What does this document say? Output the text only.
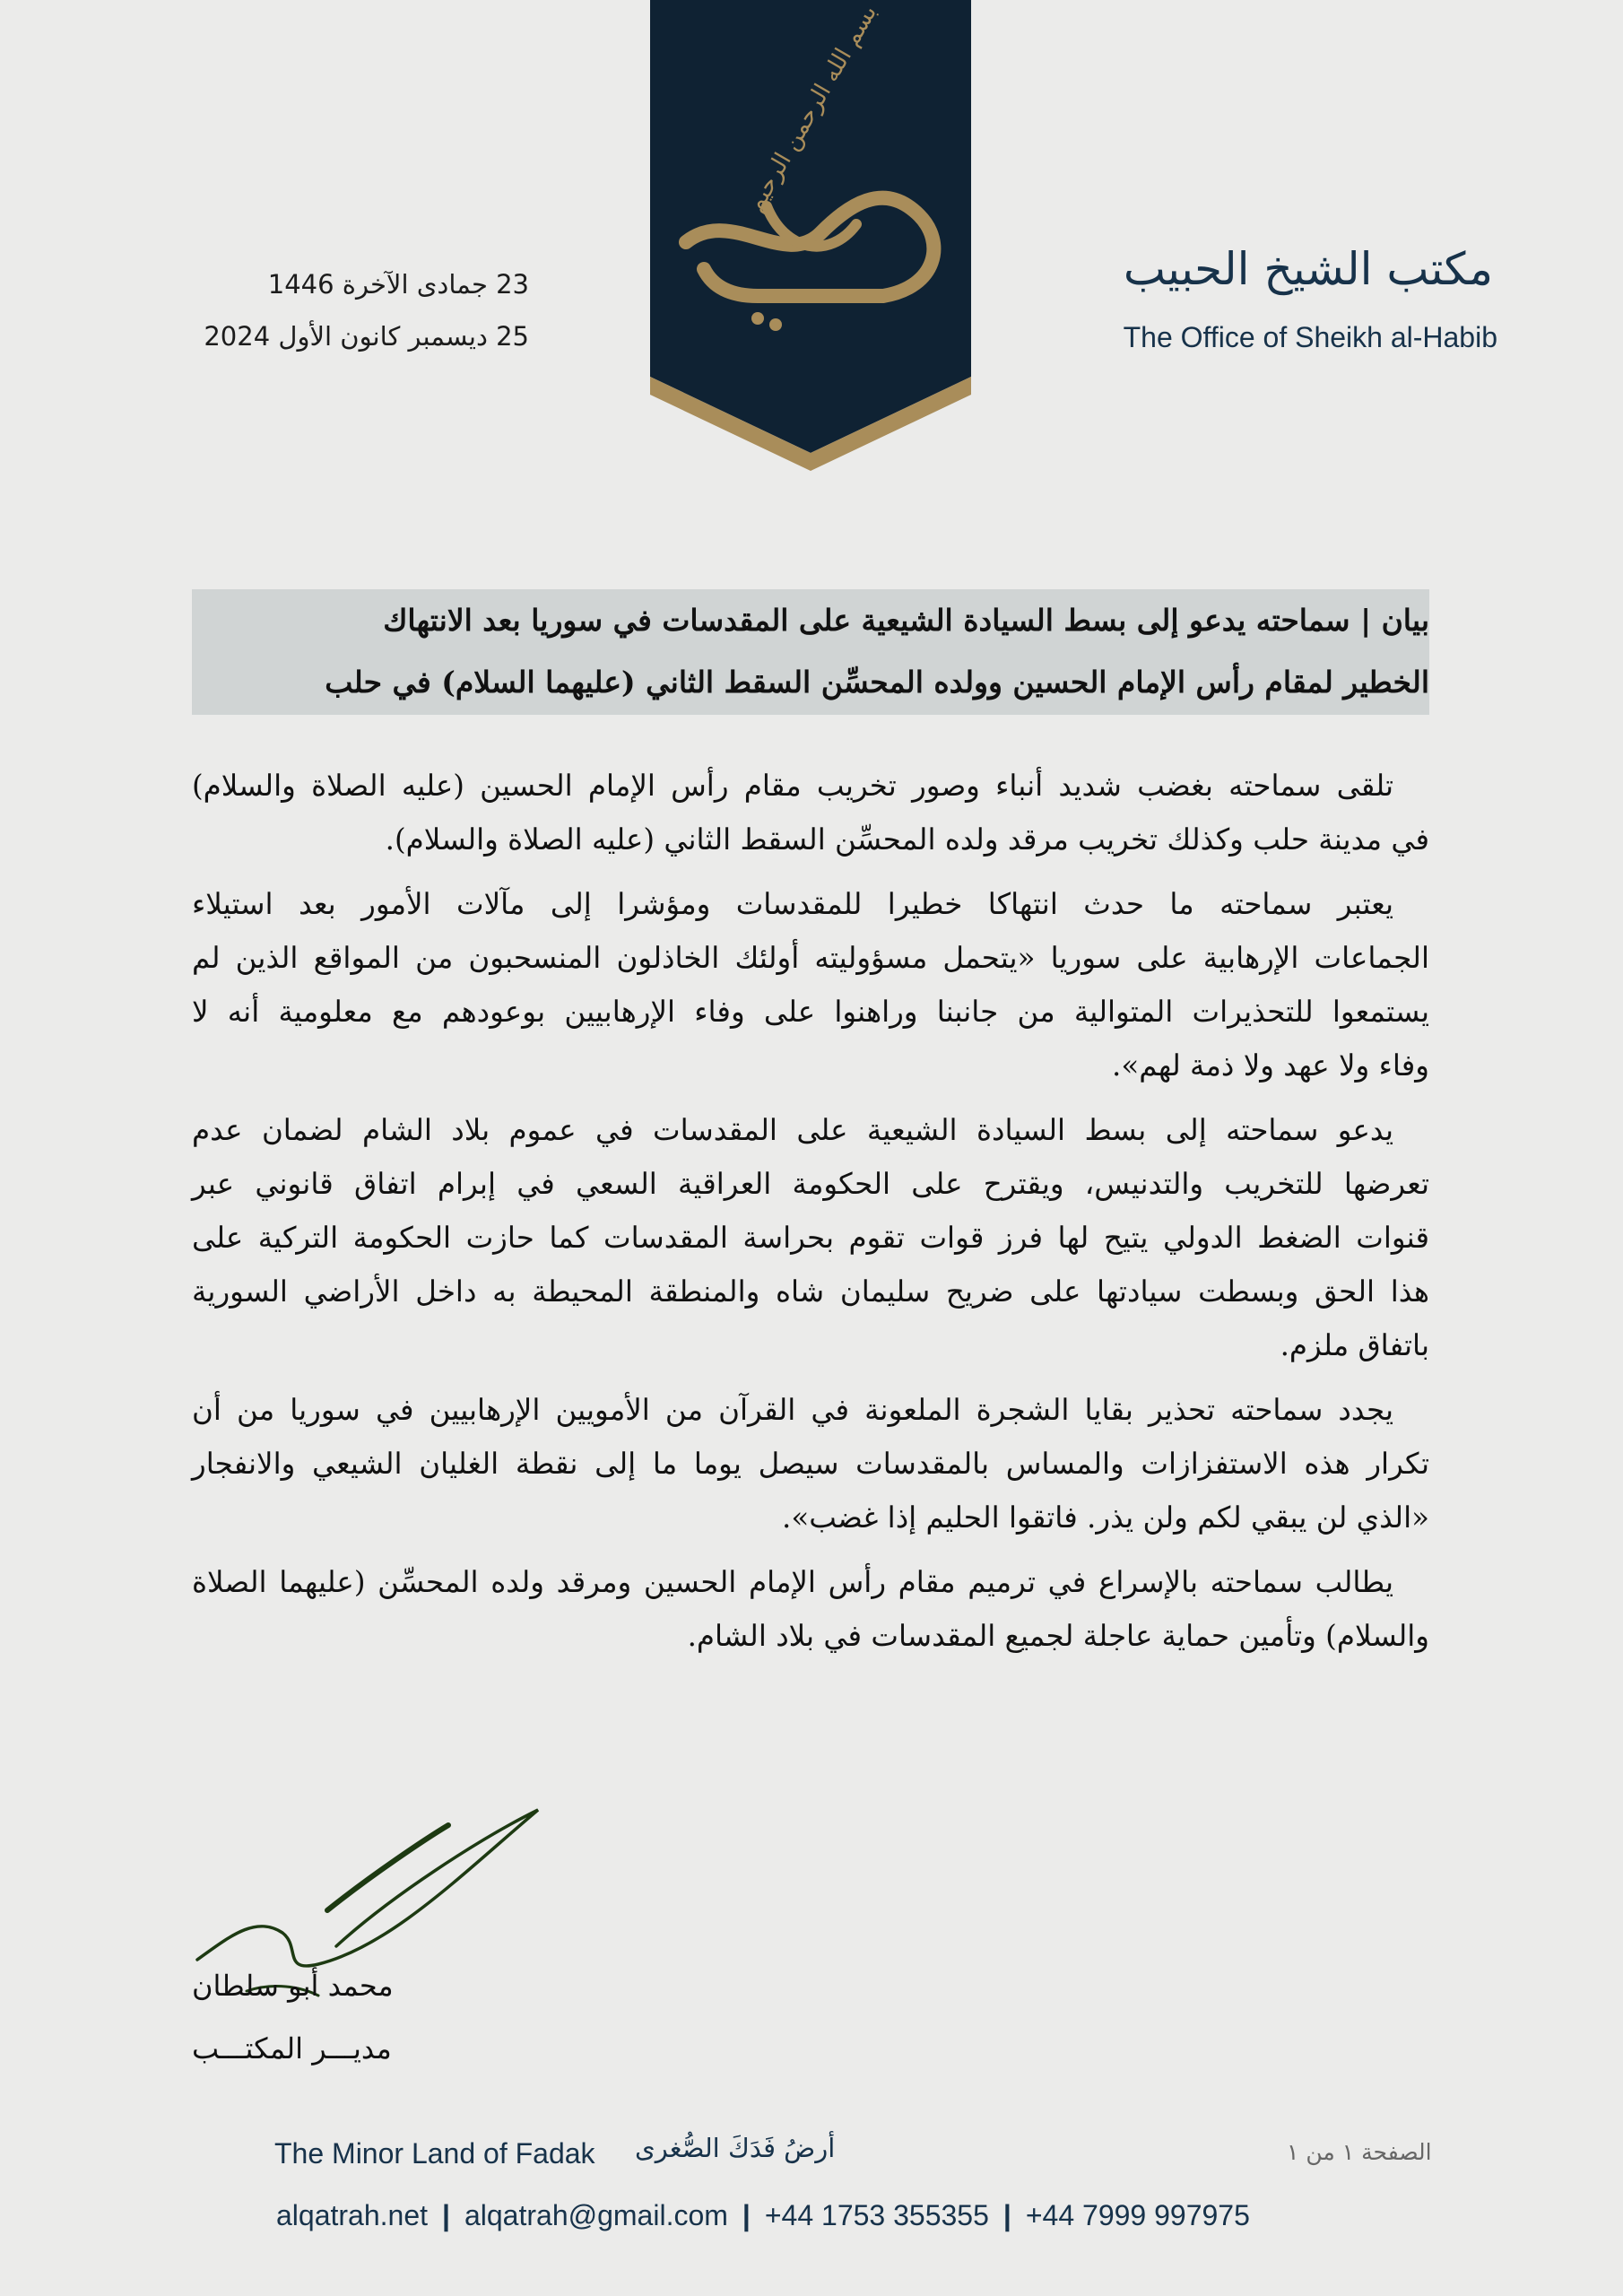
بسم الله الرحمن الرحيم
23 جمادى الآخرة 1446
25 ديسمبر كانون الأول 2024
مكتب الشيخ الحبيب
The Office of Sheikh al-Habib
بيان | سماحته يدعو إلى بسط السيادة الشيعية على المقدسات في سوريا بعد الانتهاك
الخطير لمقام رأس الإمام الحسين وولده المحسِّن السقط الثاني (عليهما السلام) في حلب

تلقى سماحته بغضب شديد أنباء وصور تخريب مقام رأس الإمام الحسين (عليه الصلاة والسلام)
في مدينة حلب وكذلك تخريب مرقد ولده المحسِّن السقط الثاني (عليه الصلاة والسلام).

يعتبر سماحته ما حدث انتهاكا خطيرا للمقدسات ومؤشرا إلى مآلات الأمور بعد استيلاء
الجماعات الإرهابية على سوريا «يتحمل مسؤوليته أولئك الخاذلون المنسحبون من المواقع الذين لم
يستمعوا للتحذيرات المتوالية من جانبنا وراهنوا على وفاء الإرهابيين بوعودهم مع معلومية أنه لا
وفاء ولا عهد ولا ذمة لهم».

يدعو سماحته إلى بسط السيادة الشيعية على المقدسات في عموم بلاد الشام لضمان عدم
تعرضها للتخريب والتدنيس، ويقترح على الحكومة العراقية السعي في إبرام اتفاق قانوني عبر
قنوات الضغط الدولي يتيح لها فرز قوات تقوم بحراسة المقدسات كما حازت الحكومة التركية على
هذا الحق وبسطت سيادتها على ضريح سليمان شاه والمنطقة المحيطة به داخل الأراضي السورية
باتفاق ملزم.

يجدد سماحته تحذير بقايا الشجرة الملعونة في القرآن من الأمويين الإرهابيين في سوريا من أن
تكرار هذه الاستفزازات والمساس بالمقدسات سيصل يوما ما إلى نقطة الغليان الشيعي والانفجار
«الذي لن يبقي لكم ولن يذر. فاتقوا الحليم إذا غضب».

يطالب سماحته بالإسراع في ترميم مقام رأس الإمام الحسين ومرقد ولده المحسِّن (عليهما الصلاة
والسلام) وتأمين حماية عاجلة لجميع المقدسات في بلاد الشام.

محمد أبو سلطان
مديـــر المكتـــب
The Minor Land of Fadak أرضُ فَدَكَ الصُّغرى	الصفحة ١ من ١
alqatrah.net | alqatrah@gmail.com | +44 1753 355355 | +44 7999 997975
